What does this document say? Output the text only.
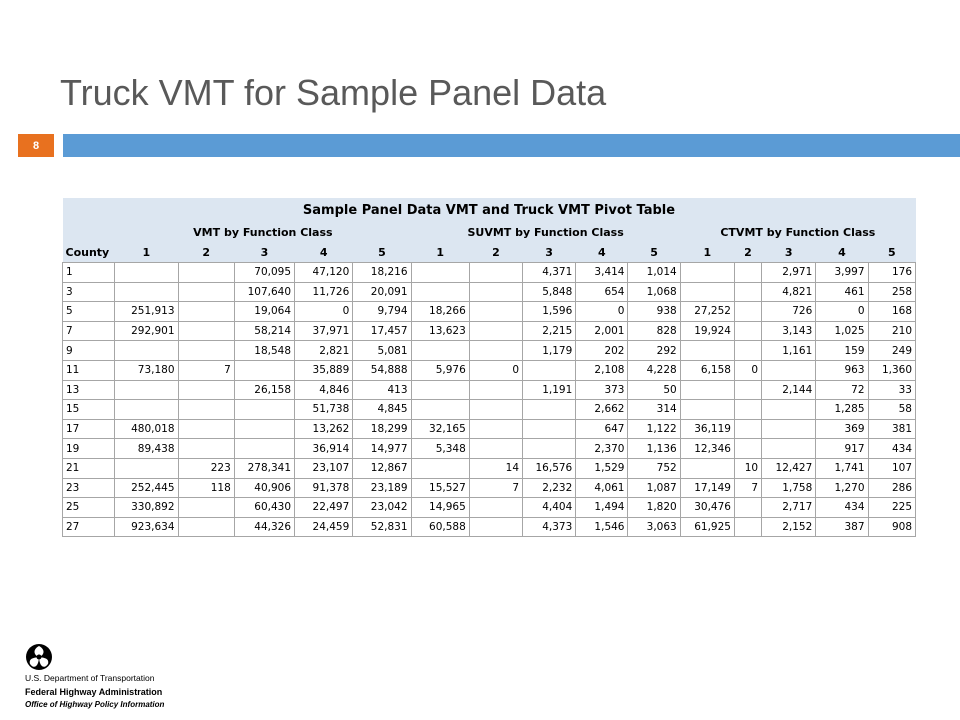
Truck VMT for Sample Panel Data
8
Sample Panel Data VMT and Truck VMT Pivot Table															
	VMT by Function Class					SUVMT by Function Class					CTVMT by Function Class				
County	1	2	3	4	5	1	2	3	4	5	1	2	3	4	5
1			70,095	47,120	18,216			4,371	3,414	1,014			2,971	3,997	176
3			107,640	11,726	20,091			5,848	654	1,068			4,821	461	258
5	251,913		19,064	0	9,794	18,266		1,596	0	938	27,252		726	0	168
7	292,901		58,214	37,971	17,457	13,623		2,215	2,001	828	19,924		3,143	1,025	210
9			18,548	2,821	5,081			1,179	202	292			1,161	159	249
11	73,180	7		35,889	54,888	5,976	0		2,108	4,228	6,158	0		963	1,360
13			26,158	4,846	413			1,191	373	50			2,144	72	33
15				51,738	4,845				2,662	314				1,285	58
17	480,018			13,262	18,299	32,165			647	1,122	36,119			369	381
19	89,438			36,914	14,977	5,348			2,370	1,136	12,346			917	434
21		223	278,341	23,107	12,867		14	16,576	1,529	752		10	12,427	1,741	107
23	252,445	118	40,906	91,378	23,189	15,527	7	2,232	4,061	1,087	17,149	7	1,758	1,270	286
25	330,892		60,430	22,497	23,042	14,965		4,404	1,494	1,820	30,476		2,717	434	225
27	923,634		44,326	24,459	52,831	60,588		4,373	1,546	3,063	61,925		2,152	387	908
U.S. Department of Transportation
Federal Highway Administration
Office of Highway Policy Information
